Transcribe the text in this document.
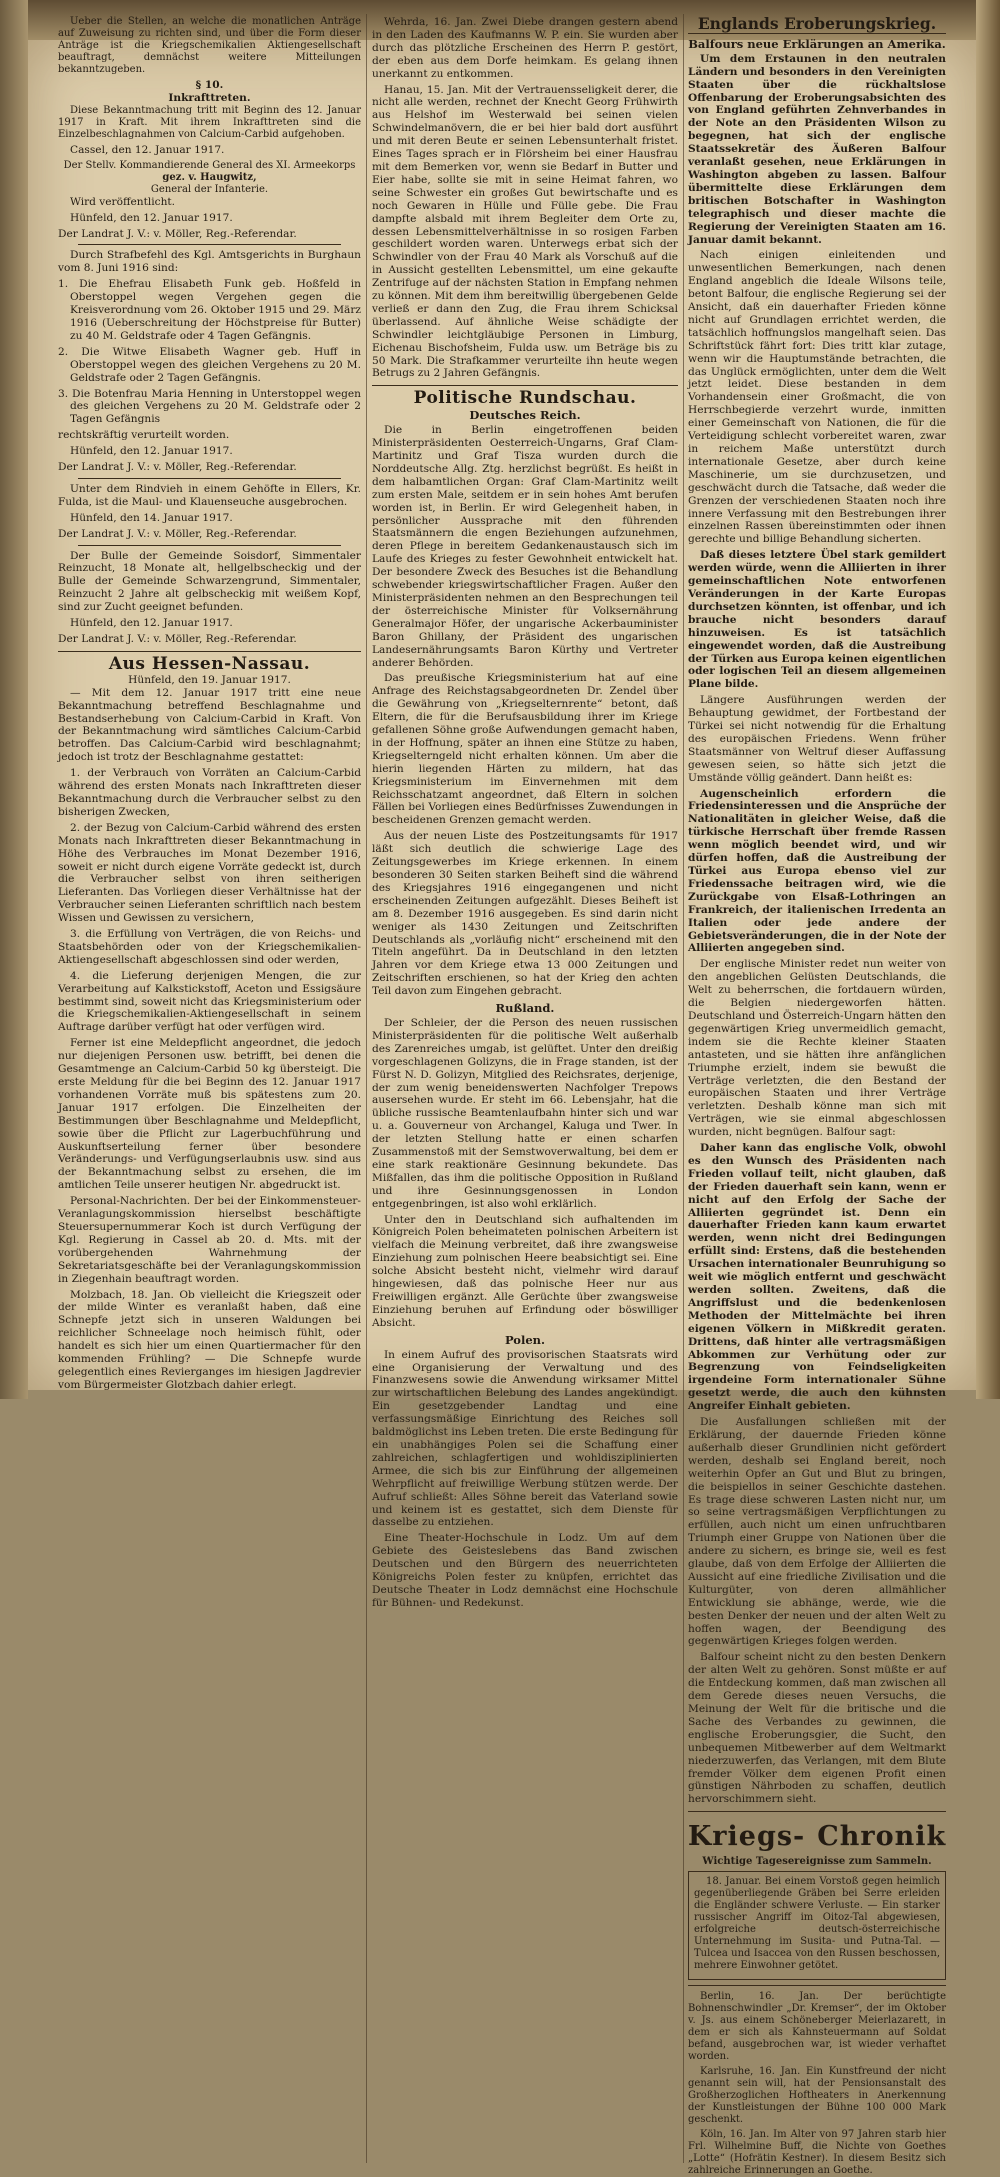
Ueber die Stellen, an welche die monatlichen Anträge auf Zuweisung zu richten sind, und über die Form dieser Anträge ist die Kriegschemikalien Aktiengesellschaft beauftragt, demnächst weitere Mitteilungen bekanntzugeben.

§ 10.
Inkrafttreten.

Diese Bekanntmachung tritt mit Beginn des 12. Januar 1917 in Kraft. Mit ihrem Inkrafttreten sind die Einzelbeschlagnahmen von Calcium-Carbid aufgehoben.

Cassel, den 12. Januar 1917.

Der Stellv. Kommandierende General des XI. Armeekorps
gez. v. Haugwitz,
General der Infanterie.

Wird veröffentlicht.

Hünfeld, den 12. Januar 1917.

Der Landrat J. V.: v. Möller, Reg.-Referendar.

Durch Strafbefehl des Kgl. Amtsgerichts in Burghaun vom 8. Juni 1916 sind:

1. Die Ehefrau Elisabeth Funk geb. Hoßfeld in Oberstoppel wegen Vergehen gegen die Kreisverordnung vom 26. Oktober 1915 und 29. März 1916 (Ueberschreitung der Höchstpreise für Butter) zu 40 M. Geldstrafe oder 4 Tagen Gefängnis.

2. Die Witwe Elisabeth Wagner geb. Huff in Oberstoppel wegen des gleichen Vergehens zu 20 M. Geldstrafe oder 2 Tagen Gefängnis.

3. Die Botenfrau Maria Henning in Unterstoppel wegen des gleichen Vergehens zu 20 M. Geldstrafe oder 2 Tagen Gefängnis

rechtskräftig verurteilt worden.

Hünfeld, den 12. Januar 1917.

Der Landrat J. V.: v. Möller, Reg.-Referendar.

Unter dem Rindvieh in einem Gehöfte in Ellers, Kr. Fulda, ist die Maul- und Klauenseuche ausgebrochen.

Hünfeld, den 14. Januar 1917.

Der Landrat J. V.: v. Möller, Reg.-Referendar.

Der Bulle der Gemeinde Soisdorf, Simmentaler Reinzucht, 18 Monate alt, hellgelbscheckig und der Bulle der Gemeinde Schwarzengrund, Simmentaler, Reinzucht 2 Jahre alt gelbscheckig mit weißem Kopf, sind zur Zucht geeignet befunden.

Hünfeld, den 12. Januar 1917.

Der Landrat J. V.: v. Möller, Reg.-Referendar.

Aus Hessen-Nassau.
Hünfeld, den 19. Januar 1917.

— Mit dem 12. Januar 1917 tritt eine neue Bekanntmachung betreffend Beschlagnahme und Bestandserhebung von Calcium-Carbid in Kraft. Von der Bekanntmachung wird sämtliches Calcium-Carbid betroffen. Das Calcium-Carbid wird beschlagnahmt; jedoch ist trotz der Beschlagnahme gestattet:

1. der Verbrauch von Vorräten an Calcium-Carbid während des ersten Monats nach Inkrafttreten dieser Bekanntmachung durch die Verbraucher selbst zu den bisherigen Zwecken,

2. der Bezug von Calcium-Carbid während des ersten Monats nach Inkrafttreten dieser Bekanntmachung in Höhe des Verbrauches im Monat Dezember 1916, soweit er nicht durch eigene Vorräte gedeckt ist, durch die Verbraucher selbst von ihren seitherigen Lieferanten. Das Vorliegen dieser Verhältnisse hat der Verbraucher seinen Lieferanten schriftlich nach bestem Wissen und Gewissen zu versichern,

3. die Erfüllung von Verträgen, die von Reichs- und Staatsbehörden oder von der Kriegschemikalien-Aktiengesellschaft abgeschlossen sind oder werden,

4. die Lieferung derjenigen Mengen, die zur Verarbeitung auf Kalkstickstoff, Aceton und Essigsäure bestimmt sind, soweit nicht das Kriegsministerium oder die Kriegschemikalien-Aktiengesellschaft in seinem Auftrage darüber verfügt hat oder verfügen wird.

Ferner ist eine Meldepflicht angeordnet, die jedoch nur diejenigen Personen usw. betrifft, bei denen die Gesamtmenge an Calcium-Carbid 50 kg übersteigt. Die erste Meldung für die bei Beginn des 12. Januar 1917 vorhandenen Vorräte muß bis spätestens zum 20. Januar 1917 erfolgen. Die Einzelheiten der Bestimmungen über Beschlagnahme und Meldepflicht, sowie über die Pflicht zur Lagerbuchführung und Auskunftserteilung ferner über besondere Veränderungs- und Verfügungserlaubnis usw. sind aus der Bekanntmachung selbst zu ersehen, die im amtlichen Teile unserer heutigen Nr. abgedruckt ist.

Personal-Nachrichten. Der bei der Einkommensteuer-Veranlagungskommission hierselbst beschäftigte Steuersupernummerar Koch ist durch Verfügung der Kgl. Regierung in Cassel ab 20. d. Mts. mit der vorübergehenden Wahrnehmung der Sekretariatsgeschäfte bei der Veranlagungskommission in Ziegenhain beauftragt worden.

Molzbach, 18. Jan. Ob vielleicht die Kriegszeit oder der milde Winter es veranlaßt haben, daß eine Schnepfe jetzt sich in unseren Waldungen bei reichlicher Schneelage noch heimisch fühlt, oder handelt es sich hier um einen Quartiermacher für den kommenden Frühling? — Die Schnepfe wurde gelegentlich eines Revierganges im hiesigen Jagdrevier vom Bürgermeister Glotzbach dahier erlegt.

Wehrda, 16. Jan. Zwei Diebe drangen gestern abend in den Laden des Kaufmanns W. P. ein. Sie wurden aber durch das plötzliche Erscheinen des Herrn P. gestört, der eben aus dem Dorfe heimkam. Es gelang ihnen unerkannt zu entkommen.

Hanau, 15. Jan. Mit der Vertrauensseligkeit derer, die nicht alle werden, rechnet der Knecht Georg Frühwirth aus Helshof im Westerwald bei seinen vielen Schwindelmanövern, die er bei hier bald dort ausführt und mit deren Beute er seinen Lebensunterhalt fristet. Eines Tages sprach er in Flörsheim bei einer Hausfrau mit dem Bemerken vor, wenn sie Bedarf in Butter und Eier habe, sollte sie mit in seine Heimat fahren, wo seine Schwester ein großes Gut bewirtschafte und es noch Gewaren in Hülle und Fülle gebe. Die Frau dampfte alsbald mit ihrem Begleiter dem Orte zu, dessen Lebensmittelverhältnisse in so rosigen Farben geschildert worden waren. Unterwegs erbat sich der Schwindler von der Frau 40 Mark als Vorschuß auf die in Aussicht gestellten Lebensmittel, um eine gekaufte Zentrifuge auf der nächsten Station in Empfang nehmen zu können. Mit dem ihm bereitwillig übergebenen Gelde verließ er dann den Zug, die Frau ihrem Schicksal überlassend. Auf ähnliche Weise schädigte der Schwindler leichtgläubige Personen in Limburg, Eichenau Bischofsheim, Fulda usw. um Beträge bis zu 50 Mark. Die Strafkammer verurteilte ihn heute wegen Betrugs zu 2 Jahren Gefängnis.

Politische Rundschau.
Deutsches Reich.

Die in Berlin eingetroffenen beiden Ministerpräsidenten Oesterreich-Ungarns, Graf Clam-Martinitz und Graf Tisza wurden durch die Norddeutsche Allg. Ztg. herzlichst begrüßt. Es heißt in dem halbamtlichen Organ: Graf Clam-Martinitz weilt zum ersten Male, seitdem er in sein hohes Amt berufen worden ist, in Berlin. Er wird Gelegenheit haben, in persönlicher Aussprache mit den führenden Staatsmännern die engen Beziehungen aufzunehmen, deren Pflege in bereitem Gedankenaustausch sich im Laufe des Krieges zu fester Gewohnheit entwickelt hat. Der besondere Zweck des Besuches ist die Behandlung schwebender kriegswirtschaftlicher Fragen. Außer den Ministerpräsidenten nehmen an den Besprechungen teil der österreichische Minister für Volksernährung Generalmajor Höfer, der ungarische Ackerbauminister Baron Ghillany, der Präsident des ungarischen Landesernährungsamts Baron Kürthy und Vertreter anderer Behörden.

Das preußische Kriegsministerium hat auf eine Anfrage des Reichstagsabgeordneten Dr. Zendel über die Gewährung von „Kriegselternrente“ betont, daß Eltern, die für die Berufsausbildung ihrer im Kriege gefallenen Söhne große Aufwendungen gemacht haben, in der Hoffnung, später an ihnen eine Stütze zu haben, Kriegselterngeld nicht erhalten können. Um aber die hierin liegenden Härten zu mildern, hat das Kriegsministerium im Einvernehmen mit dem Reichsschatzamt angeordnet, daß Eltern in solchen Fällen bei Vorliegen eines Bedürfnisses Zuwendungen in bescheidenen Grenzen gemacht werden.

Aus der neuen Liste des Postzeitungsamts für 1917 läßt sich deutlich die schwierige Lage des Zeitungsgewerbes im Kriege erkennen. In einem besonderen 30 Seiten starken Beiheft sind die während des Kriegsjahres 1916 eingegangenen und nicht erscheinenden Zeitungen aufgezählt. Dieses Beiheft ist am 8. Dezember 1916 ausgegeben. Es sind darin nicht weniger als 1430 Zeitungen und Zeitschriften Deutschlands als „vorläufig nicht“ erscheinend mit den Titeln angeführt. Da in Deutschland in den letzten Jahren vor dem Kriege etwa 13 000 Zeitungen und Zeitschriften erschienen, so hat der Krieg den achten Teil davon zum Eingehen gebracht.

Rußland.

Der Schleier, der die Person des neuen russischen Ministerpräsidenten für die politische Welt außerhalb des Zarenreiches umgab, ist gelüftet. Unter den dreißig vorgeschlagenen Golizyns, die in Frage standen, ist der Fürst N. D. Golizyn, Mitglied des Reichsrates, derjenige, der zum wenig beneidenswerten Nachfolger Trepows ausersehen wurde. Er steht im 66. Lebensjahr, hat die übliche russische Beamtenlaufbahn hinter sich und war u. a. Gouverneur von Archangel, Kaluga und Twer. In der letzten Stellung hatte er einen scharfen Zusammenstoß mit der Semstwoverwaltung, bei dem er eine stark reaktionäre Gesinnung bekundete. Das Mißfallen, das ihm die politische Opposition in Rußland und ihre Gesinnungsgenossen in London entgegenbringen, ist also wohl erklärlich.

Unter den in Deutschland sich aufhaltenden im Königreich Polen beheimateten polnischen Arbeitern ist vielfach die Meinung verbreitet, daß ihre zwangsweise Einziehung zum polnischen Heere beabsichtigt sei. Eine solche Absicht besteht nicht, vielmehr wird darauf hingewiesen, daß das polnische Heer nur aus Freiwilligen ergänzt. Alle Gerüchte über zwangsweise Einziehung beruhen auf Erfindung oder böswilliger Absicht.

Polen.

In einem Aufruf des provisorischen Staatsrats wird eine Organisierung der Verwaltung und des Finanzwesens sowie die Anwendung wirksamer Mittel zur wirtschaftlichen Belebung des Landes angekündigt. Ein gesetzgebender Landtag und eine verfassungsmäßige Einrichtung des Reiches soll baldmöglichst ins Leben treten. Die erste Bedingung für ein unabhängiges Polen sei die Schaffung einer zahlreichen, schlagfertigen und wohldisziplinierten Armee, die sich bis zur Einführung der allgemeinen Wehrpflicht auf freiwillige Werbung stützen werde. Der Aufruf schließt: Alles Söhne bereit das Vaterland sowie und keinem ist es gestattet, sich dem Dienste für dasselbe zu entziehen.

Eine Theater-Hochschule in Lodz. Um auf dem Gebiete des Geisteslebens das Band zwischen Deutschen und den Bürgern des neuerrichteten Königreichs Polen fester zu knüpfen, errichtet das Deutsche Theater in Lodz demnächst eine Hochschule für Bühnen- und Redekunst.

Englands Eroberungskrieg.
Balfours neue Erklärungen an Amerika.

Um dem Erstaunen in den neutralen Ländern und besonders in den Vereinigten Staaten über die rückhaltslose Offenbarung der Eroberungsabsichten des von England geführten Zehnverbandes in der Note an den Präsidenten Wilson zu begegnen, hat sich der englische Staatssekretär des Äußeren Balfour veranlaßt gesehen, neue Erklärungen in Washington abgeben zu lassen. Balfour übermittelte diese Erklärungen dem britischen Botschafter in Washington telegraphisch und dieser machte die Regierung der Vereinigten Staaten am 16. Januar damit bekannt.

Nach einigen einleitenden und unwesentlichen Bemerkungen, nach denen England angeblich die Ideale Wilsons teile, betont Balfour, die englische Regierung sei der Ansicht, daß ein dauerhafter Frieden könne nicht auf Grundlagen errichtet werden, die tatsächlich hoffnungslos mangelhaft seien. Das Schriftstück fährt fort: Dies tritt klar zutage, wenn wir die Hauptumstände betrachten, die das Unglück ermöglichten, unter dem die Welt jetzt leidet. Diese bestanden in dem Vorhandensein einer Großmacht, die von Herrschbegierde verzehrt wurde, inmitten einer Gemeinschaft von Nationen, die für die Verteidigung schlecht vorbereitet waren, zwar in reichem Maße unterstützt durch internationale Gesetze, aber durch keine Maschinerie, um sie durchzusetzen, und geschwächt durch die Tatsache, daß weder die Grenzen der verschiedenen Staaten noch ihre innere Verfassung mit den Bestrebungen ihrer einzelnen Rassen übereinstimmten oder ihnen gerechte und billige Behandlung sicherten.

Daß dieses letztere Übel stark gemildert werden würde, wenn die Alliierten in ihrer gemeinschaftlichen Note entworfenen Veränderungen in der Karte Europas durchsetzen könnten, ist offenbar, und ich brauche nicht besonders darauf hinzuweisen. Es ist tatsächlich eingewendet worden, daß die Austreibung der Türken aus Europa keinen eigentlichen oder logischen Teil an diesem allgemeinen Plane bilde.

Längere Ausführungen werden der Behauptung gewidmet, der Fortbestand der Türkei sei nicht notwendig für die Erhaltung des europäischen Friedens. Wenn früher Staatsmänner von Weltruf dieser Auffassung gewesen seien, so hätte sich jetzt die Umstände völlig geändert. Dann heißt es:

Augenscheinlich erfordern die Friedensinteressen und die Ansprüche der Nationalitäten in gleicher Weise, daß die türkische Herrschaft über fremde Rassen wenn möglich beendet wird, und wir dürfen hoffen, daß die Austreibung der Türkei aus Europa ebenso viel zur Friedenssache beitragen wird, wie die Zurückgabe von Elsaß-Lothringen an Frankreich, der italienischen Irredenta an Italien oder jede andere der Gebietsveränderungen, die in der Note der Alliierten angegeben sind.

Der englische Minister redet nun weiter von den angeblichen Gelüsten Deutschlands, die Welt zu beherrschen, die fortdauern würden, die Belgien niedergeworfen hätten. Deutschland und Österreich-Ungarn hätten den gegenwärtigen Krieg unvermeidlich gemacht, indem sie die Rechte kleiner Staaten antasteten, und sie hätten ihre anfänglichen Triumphe erzielt, indem sie bewußt die Verträge verletzten, die den Bestand der europäischen Staaten und ihrer Verträge verletzten. Deshalb könne man sich mit Verträgen, wie sie einmal abgeschlossen wurden, nicht begnügen. Balfour sagt:

Daher kann das englische Volk, obwohl es den Wunsch des Präsidenten nach Frieden vollauf teilt, nicht glauben, daß der Frieden dauerhaft sein kann, wenn er nicht auf den Erfolg der Sache der Alliierten gegründet ist. Denn ein dauerhafter Frieden kann kaum erwartet werden, wenn nicht drei Bedingungen erfüllt sind: Erstens, daß die bestehenden Ursachen internationaler Beunruhigung so weit wie möglich entfernt und geschwächt werden sollten. Zweitens, daß die Angriffslust und die bedenkenlosen Methoden der Mittelmächte bei ihren eigenen Völkern in Mißkredit geraten. Drittens, daß hinter alle vertragsmäßigen Abkommen zur Verhütung oder zur Begrenzung von Feindseligkeiten irgendeine Form internationaler Sühne gesetzt werde, die auch den kühnsten Angreifer Einhalt gebieten.

Die Ausfallungen schließen mit der Erklärung, der dauernde Frieden könne außerhalb dieser Grundlinien nicht gefördert werden, deshalb sei England bereit, noch weiterhin Opfer an Gut und Blut zu bringen, die beispiellos in seiner Geschichte dastehen. Es trage diese schweren Lasten nicht nur, um so seine vertragsmäßigen Verpflichtungen zu erfüllen, auch nicht um einen unfruchtbaren Triumph einer Gruppe von Nationen über die andere zu sichern, es bringe sie, weil es fest glaube, daß von dem Erfolge der Alliierten die Aussicht auf eine friedliche Zivilisation und die Kulturgüter, von deren allmählicher Entwicklung sie abhänge, werde, wie die besten Denker der neuen und der alten Welt zu hoffen wagen, der Beendigung des gegenwärtigen Krieges folgen werden.

Balfour scheint nicht zu den besten Denkern der alten Welt zu gehören. Sonst müßte er auf die Entdeckung kommen, daß man zwischen all dem Gerede dieses neuen Versuchs, die Meinung der Welt für die britische und die Sache des Verbandes zu gewinnen, die englische Eroberungsgier, die Sucht, den unbequemen Mitbewerber auf dem Weltmarkt niederzuwerfen, das Verlangen, mit dem Blute fremder Völker dem eigenen Profit einen günstigen Nährboden zu schaffen, deutlich hervorschimmern sieht.

Kriegs- Chronik
Wichtige Tagesereignisse zum Sammeln.

18. Januar. Bei einem Vorstoß gegen heimlich gegenüberliegende Gräben bei Serre erleiden die Engländer schwere Verluste. — Ein starker russischer Angriff im Oitoz-Tal abgewiesen, erfolgreiche deutsch-österreichische Unternehmung im Susita- und Putna-Tal. — Tulcea und Isaccea von den Russen beschossen, mehrere Einwohner getötet.

Berlin, 16. Jan. Der berüchtigte Bohnenschwindler „Dr. Kremser“, der im Oktober v. Js. aus einem Schöneberger Meierlazarett, in dem er sich als Kahnsteuermann auf Soldat befand, ausgebrochen war, ist wieder verhaftet worden.

Karlsruhe, 16. Jan. Ein Kunstfreund der nicht genannt sein will, hat der Pensionsanstalt des Großherzoglichen Hoftheaters in Anerkennung der Kunstleistungen der Bühne 100 000 Mark geschenkt.

Köln, 16. Jan. Im Alter von 97 Jahren starb hier Frl. Wilhelmine Buff, die Nichte von Goethes „Lotte“ (Hofrätin Kestner). In diesem Besitz sich zahlreiche Erinnerungen an Goethe.
